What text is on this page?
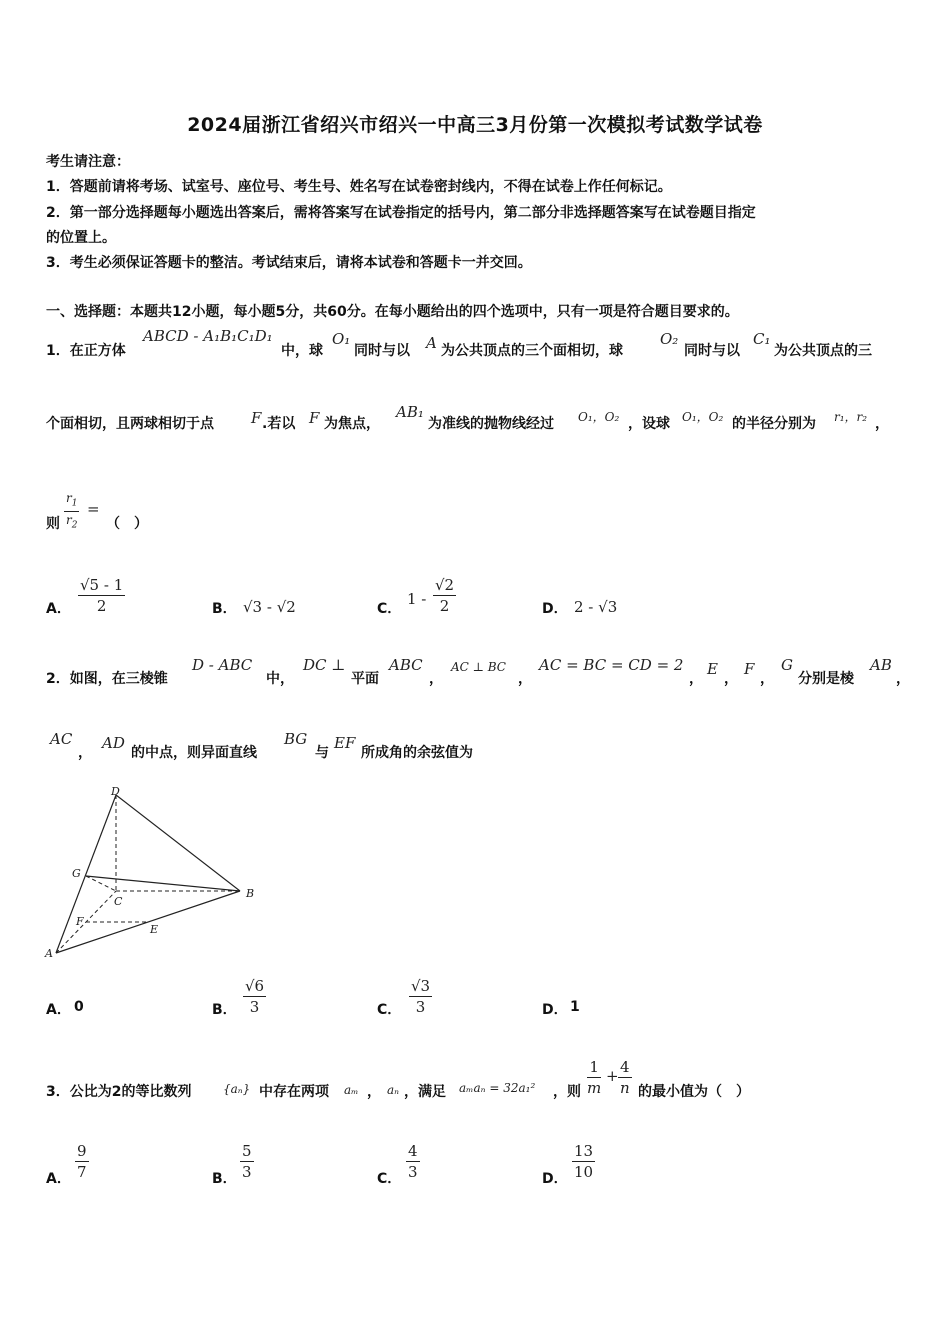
2024届浙江省绍兴市绍兴一中高三3月份第一次模拟考试数学试卷
考生请注意：
1．答题前请将考场、试室号、座位号、考生号、姓名写在试卷密封线内，不得在试卷上作任何标记。
2．第一部分选择题每小题选出答案后，需将答案写在试卷指定的括号内，第二部分非选择题答案写在试卷题目指定
的位置上。
3．考生必须保证答题卡的整洁。考试结束后，请将本试卷和答题卡一并交回。
一、选择题：本题共12小题，每小题5分，共60分。在每小题给出的四个选项中，只有一项是符合题目要求的。
1．在正方体
ABCD - A₁B₁C₁D₁
中，球
O₁
同时与以 A 为公共顶点的三个面相切，球
O₂
同时与以
C₁
为公共顶点的三
个面相切，且两球相切于点 F .若以 F 为焦点，
AB₁
为准线的抛物线经过 O₁，O₂ ，设球 O₁，O₂ 的半径分别为 r₁，r₂ ，
则 $\frac{r_1}{r_2}$ =
（　）
A． $\frac{√5 - 1}{2}$	B． √3 - √2	C．
$1 - \frac{√2}{2}$	D． 2 - √3
2．如图，在三棱锥
D - ABC
中，
DC ⊥
平面
ABC
，
AC ⊥ BC
，
AC = BC = CD = 2
，
E
，
F
，
G
分别是棱
AB
，
AC
，
AD
的中点，则异面直线
BG
与
EF
所成角的余弦值为
D
G
C
B
F
E
A
A． 0	B． $\frac{√6}{3}$	C． $\frac{√3}{3}$	D． 1
3．公比为2的等比数列	{aₙ} 中存在两项 aₘ ， aₙ ，满足 aₘaₙ = 32a₁² ，则 $\frac{1}{m} + \frac{4}{n}$ 的最小值为（　）
A． $\frac{9}{7}$	B． $\frac{5}{3}$	C． $\frac{4}{3}$	D． $\frac{13}{10}$
